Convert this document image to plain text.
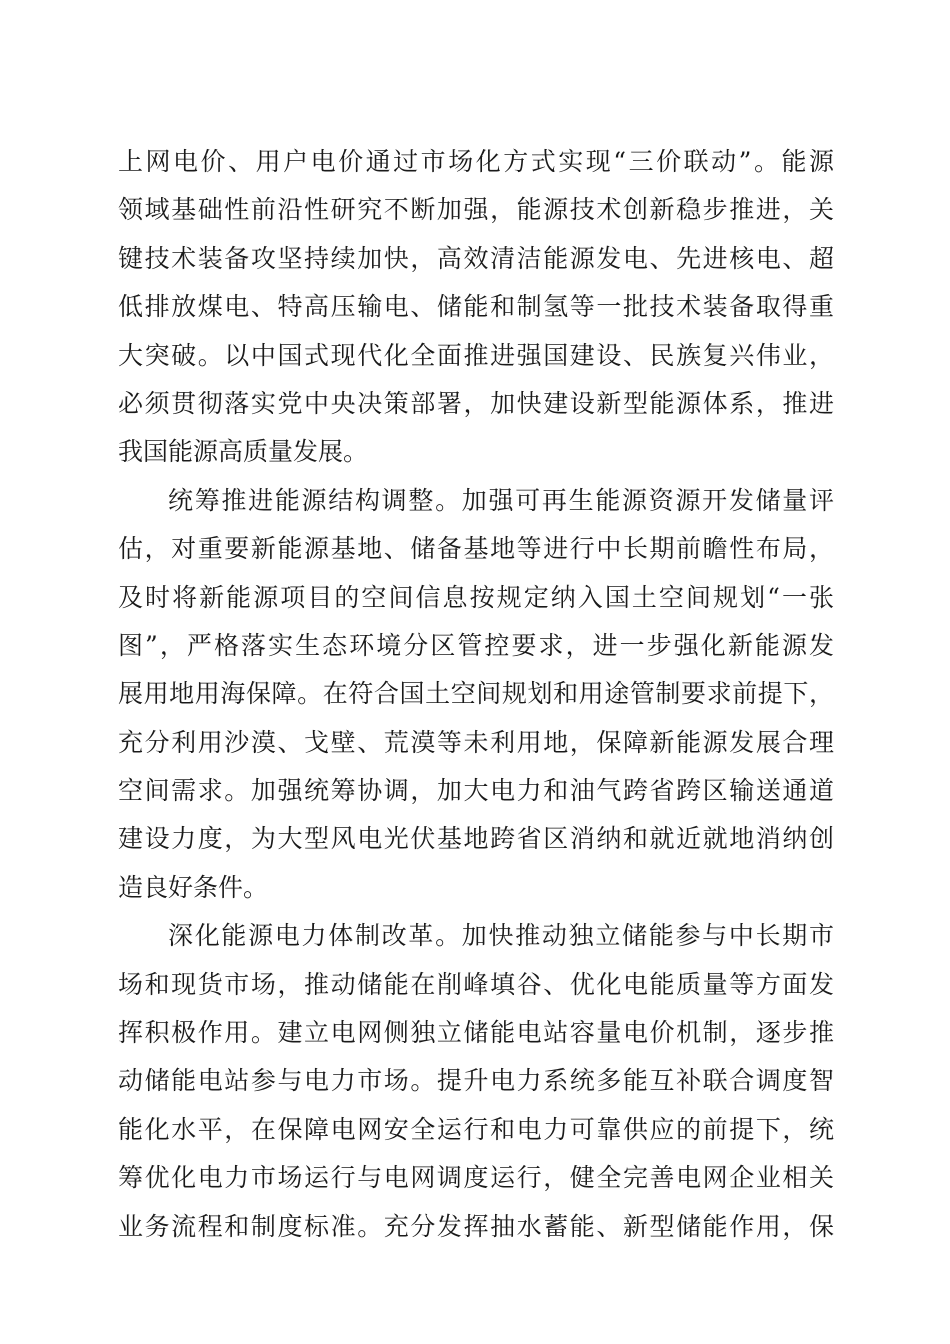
上网电价、用户电价通过市场化方式实现“三价联动”。能源
领域基础性前沿性研究不断加强，能源技术创新稳步推进，关
键技术装备攻坚持续加快，高效清洁能源发电、先进核电、超
低排放煤电、特高压输电、储能和制氢等一批技术装备取得重
大突破。以中国式现代化全面推进强国建设、民族复兴伟业，
必须贯彻落实党中央决策部署，加快建设新型能源体系，推进
我国能源高质量发展。
统筹推进能源结构调整。加强可再生能源资源开发储量评
估，对重要新能源基地、储备基地等进行中长期前瞻性布局，
及时将新能源项目的空间信息按规定纳入国土空间规划“一张
图”，严格落实生态环境分区管控要求，进一步强化新能源发
展用地用海保障。在符合国土空间规划和用途管制要求前提下，
充分利用沙漠、戈壁、荒漠等未利用地，保障新能源发展合理
空间需求。加强统筹协调，加大电力和油气跨省跨区输送通道
建设力度，为大型风电光伏基地跨省区消纳和就近就地消纳创
造良好条件。
深化能源电力体制改革。加快推动独立储能参与中长期市
场和现货市场，推动储能在削峰填谷、优化电能质量等方面发
挥积极作用。建立电网侧独立储能电站容量电价机制，逐步推
动储能电站参与电力市场。提升电力系统多能互补联合调度智
能化水平，在保障电网安全运行和电力可靠供应的前提下，统
筹优化电力市场运行与电网调度运行，健全完善电网企业相关
业务流程和制度标准。充分发挥抽水蓄能、新型储能作用，保
